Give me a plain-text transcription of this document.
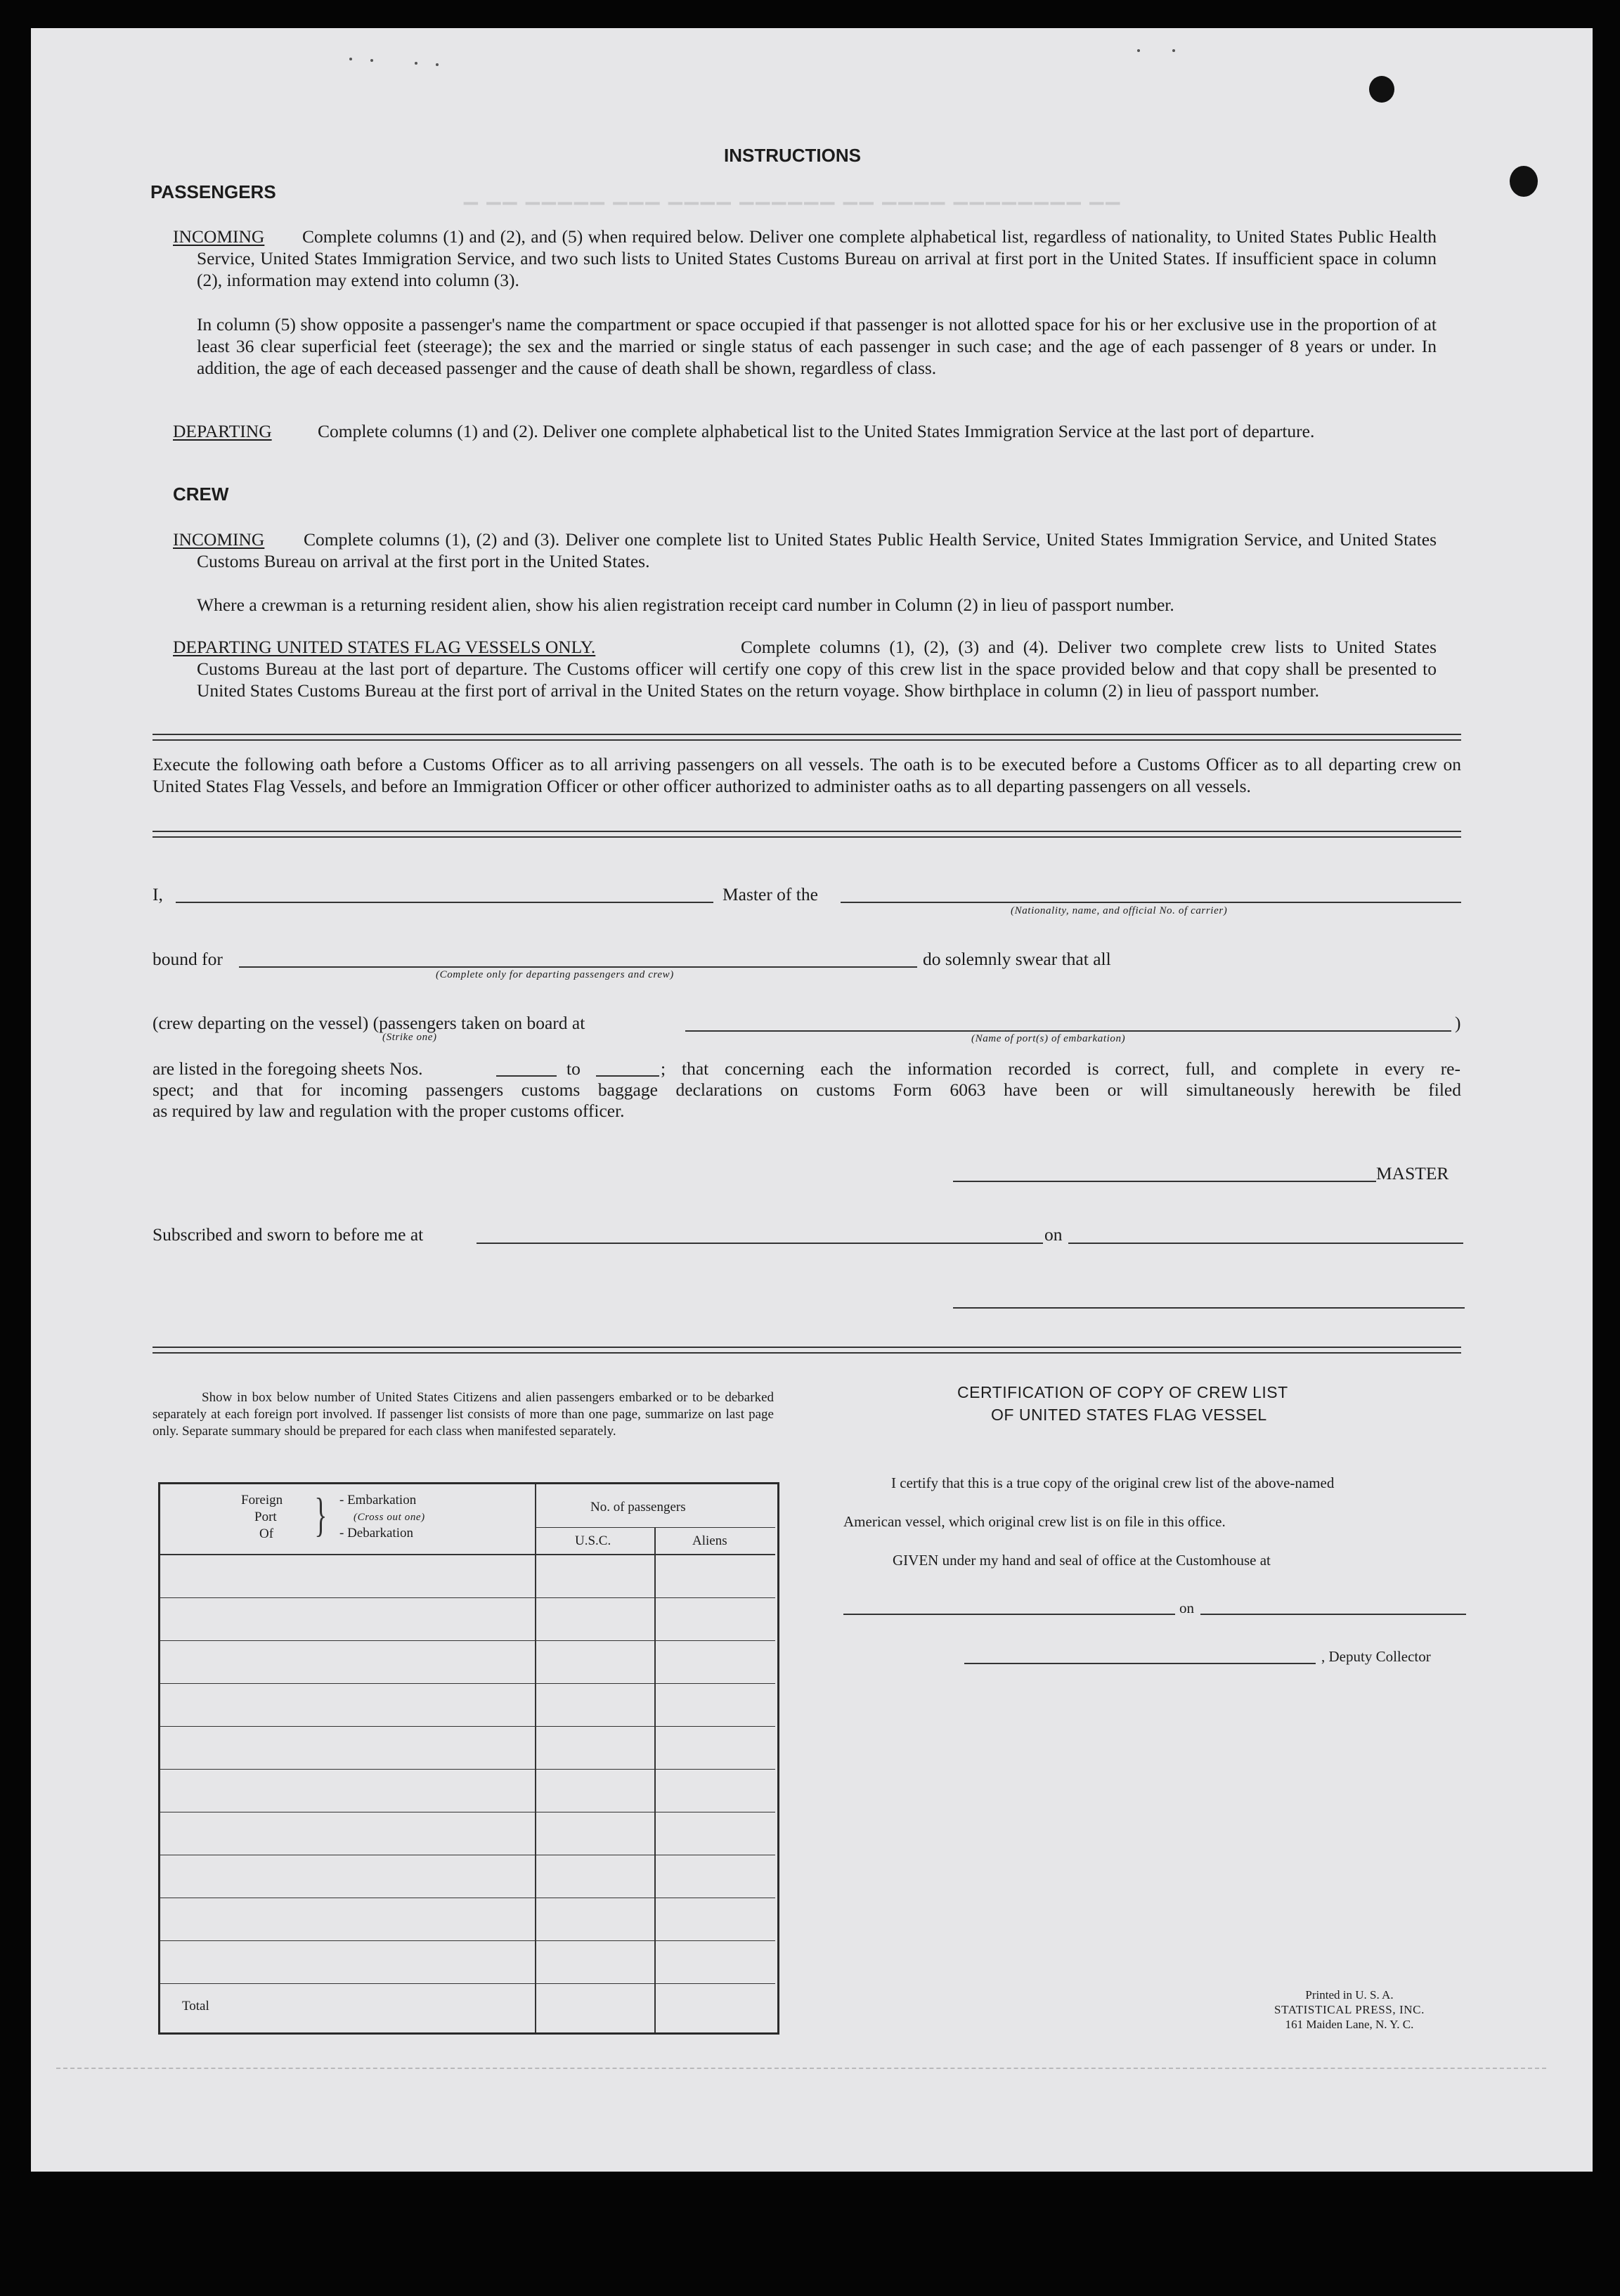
▁ ▁▁ ▁▁▁▁▁ ▁▁▁ ▁▁▁▁ ▁▁▁▁▁▁ ▁▁ ▁▁▁▁ ▁▁▁▁▁▁▁▁ ▁▁
INSTRUCTIONS
PASSENGERS
INCOMING	Complete columns (1) and (2), and (5) when required below. Deliver one complete alphabetical list, regardless of nationality, to United States Public Health Service, United States Immigration Service, and two such lists to United States Customs Bureau on arrival at first port in the United States. If insufficient space in column (2), information may extend into column (3).
In column (5) show opposite a passenger's name the compartment or space occupied if that passenger is not allotted space for his or her exclusive use in the proportion of at least 36 clear superficial feet (steerage); the sex and the married or single status of each passenger in such case; and the age of each passenger of 8 years or under. In addition, the age of each deceased passenger and the cause of death shall be shown, regardless of class.
DEPARTING	Complete columns (1) and (2). Deliver one complete alphabetical list to the United States Immigration Service at the last port of departure.
CREW
INCOMING	Complete columns (1), (2) and (3). Deliver one complete list to United States Public Health Service, United States Immigration Service, and United States Customs Bureau on arrival at the first port in the United States.
Where a crewman is a returning resident alien, show his alien registration receipt card number in Column (2) in lieu of passport number.
DEPARTING UNITED STATES FLAG VESSELS ONLY.	Complete columns (1), (2), (3) and (4). Deliver two complete crew lists to United States Customs Bureau at the last port of departure. The Customs officer will certify one copy of this crew list in the space provided below and that copy shall be presented to United States Customs Bureau at the first port of arrival in the United States on the return voyage. Show birthplace in column (2) in lieu of passport number.
Execute the following oath before a Customs Officer as to all arriving passengers on all vessels. The oath is to be executed before a Customs Officer as to all departing crew on United States Flag Vessels, and before an Immigration Officer or other officer authorized to administer oaths as to all departing passengers on all vessels.
I,	Master of the
(Nationality, name, and official No. of carrier)
bound for
(Complete only for departing passengers and crew)
do solemnly swear that all
(crew departing on the vessel) (passengers taken on board at	)
(Strike one)	(Name of port(s) of embarkation)
are listed in the foregoing sheets Nos.	to	; that concerning each the information recorded is correct, full, and complete in every re-
spect; and that for incoming passengers customs baggage declarations on customs Form 6063 have been or will simultaneously herewith be filed
as required by law and regulation with the proper customs officer.
MASTER
Subscribed and sworn to before me at	on
Show in box below number of United States Citizens and alien passengers embarked or to be debarked separately at each foreign port involved. If passenger list consists of more than one page, summarize on last page only. Separate summary should be prepared for each class when manifested separately.
Foreign
Port
Of } - Embarkation
(Cross out one)
- Debarkation
No. of passengers
U.S.C.	Aliens
Total
CERTIFICATION OF COPY OF CREW LIST
OF UNITED STATES FLAG VESSEL
I certify that this is a true copy of the original crew list of the above-named
American vessel, which original crew list is on file in this office.
GIVEN under my hand and seal of office at the Customhouse at
on
, Deputy Collector
Printed in U. S. A.
STATISTICAL PRESS, INC.
161 Maiden Lane, N. Y. C.
